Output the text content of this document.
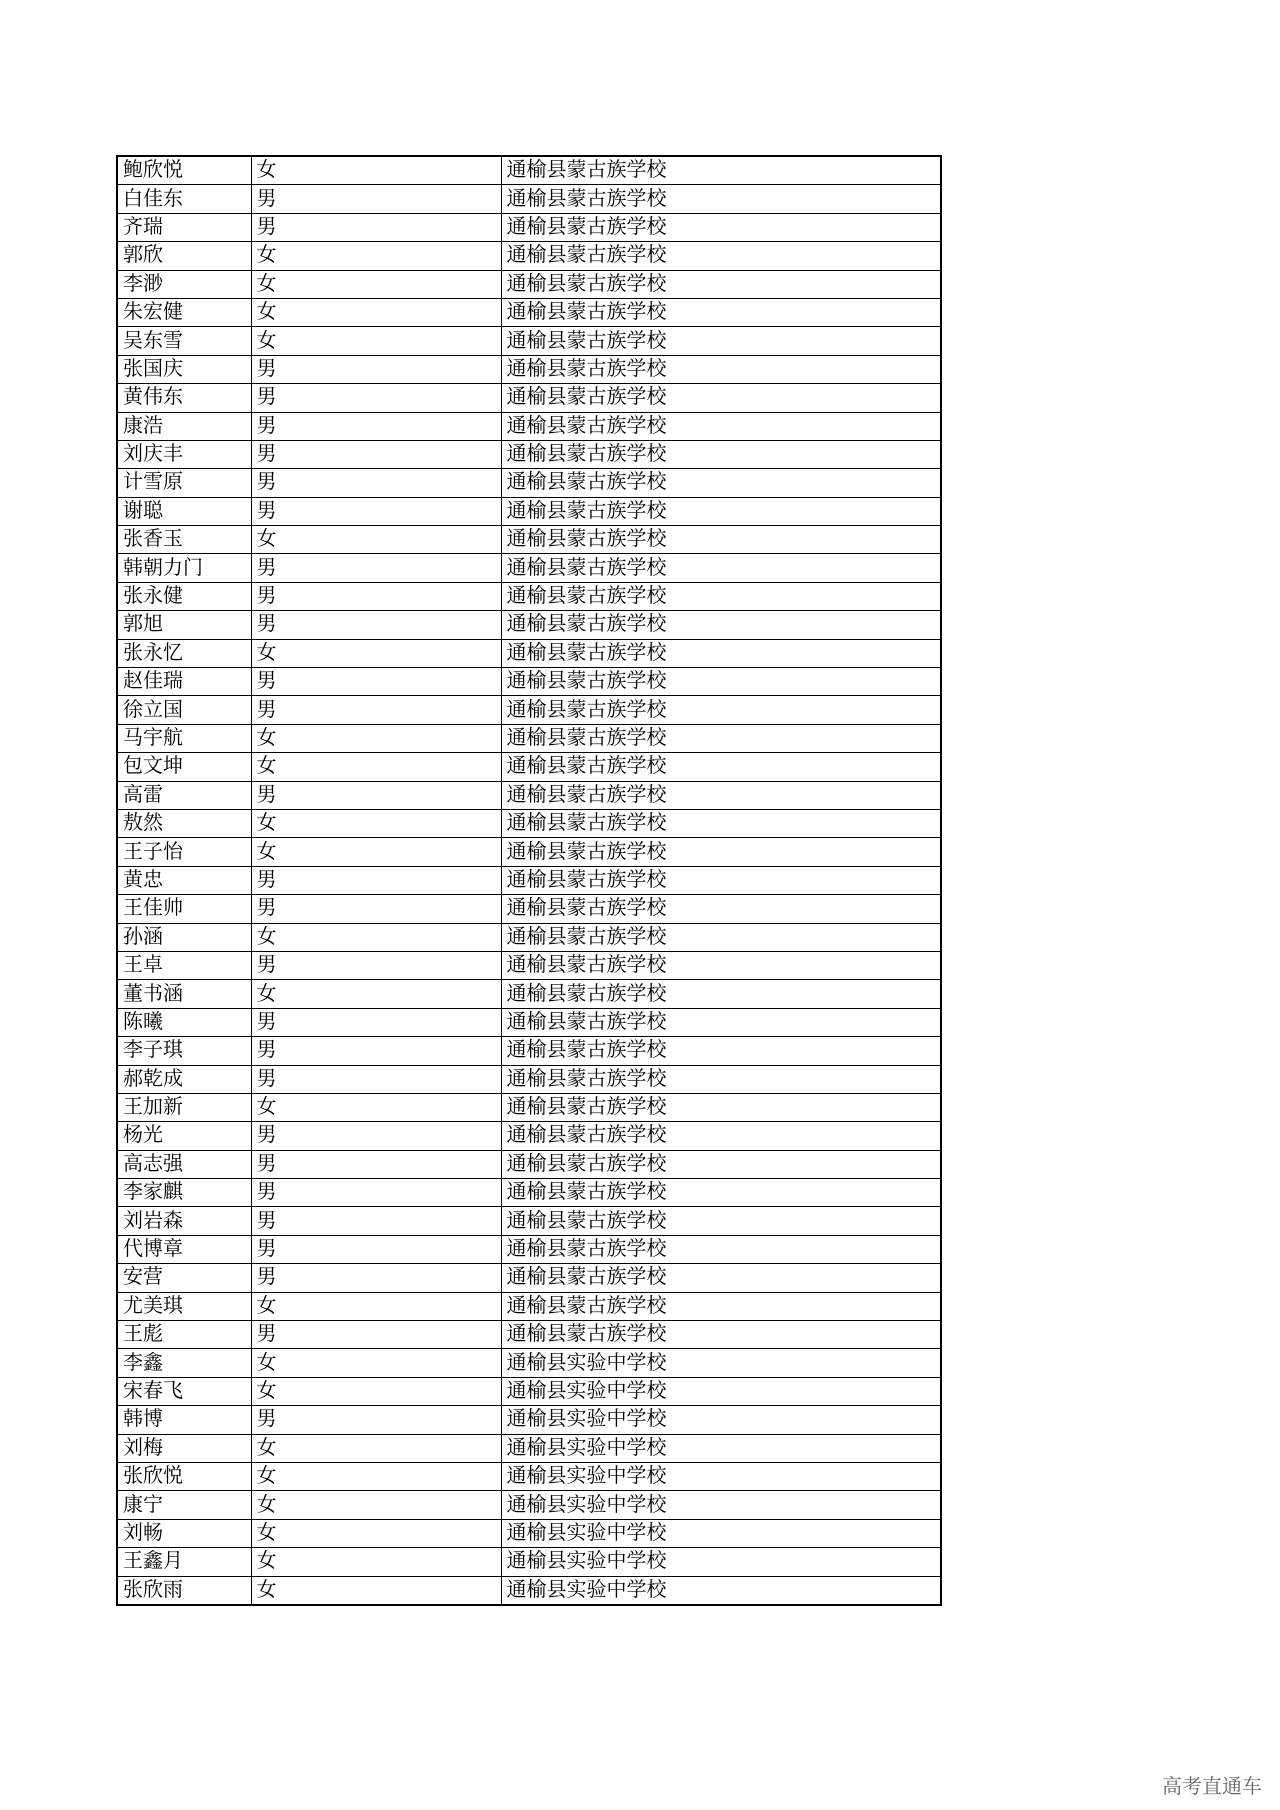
鲍欣悦	女	通榆县蒙古族学校
白佳东	男	通榆县蒙古族学校
齐瑞	男	通榆县蒙古族学校
郭欣	女	通榆县蒙古族学校
李渺	女	通榆县蒙古族学校
朱宏健	女	通榆县蒙古族学校
吴东雪	女	通榆县蒙古族学校
张国庆	男	通榆县蒙古族学校
黄伟东	男	通榆县蒙古族学校
康浩	男	通榆县蒙古族学校
刘庆丰	男	通榆县蒙古族学校
计雪原	男	通榆县蒙古族学校
谢聪	男	通榆县蒙古族学校
张香玉	女	通榆县蒙古族学校
韩朝力门	男	通榆县蒙古族学校
张永健	男	通榆县蒙古族学校
郭旭	男	通榆县蒙古族学校
张永忆	女	通榆县蒙古族学校
赵佳瑞	男	通榆县蒙古族学校
徐立国	男	通榆县蒙古族学校
马宇航	女	通榆县蒙古族学校
包文坤	女	通榆县蒙古族学校
高雷	男	通榆县蒙古族学校
敖然	女	通榆县蒙古族学校
王子怡	女	通榆县蒙古族学校
黄忠	男	通榆县蒙古族学校
王佳帅	男	通榆县蒙古族学校
孙涵	女	通榆县蒙古族学校
王卓	男	通榆县蒙古族学校
董书涵	女	通榆县蒙古族学校
陈曦	男	通榆县蒙古族学校
李子琪	男	通榆县蒙古族学校
郝乾成	男	通榆县蒙古族学校
王加新	女	通榆县蒙古族学校
杨光	男	通榆县蒙古族学校
高志强	男	通榆县蒙古族学校
李家麒	男	通榆县蒙古族学校
刘岩森	男	通榆县蒙古族学校
代博章	男	通榆县蒙古族学校
安营	男	通榆县蒙古族学校
尤美琪	女	通榆县蒙古族学校
王彪	男	通榆县蒙古族学校
李鑫	女	通榆县实验中学校
宋春飞	女	通榆县实验中学校
韩博	男	通榆县实验中学校
刘梅	女	通榆县实验中学校
张欣悦	女	通榆县实验中学校
康宁	女	通榆县实验中学校
刘畅	女	通榆县实验中学校
王鑫月	女	通榆县实验中学校
张欣雨	女	通榆县实验中学校
高考直通车
